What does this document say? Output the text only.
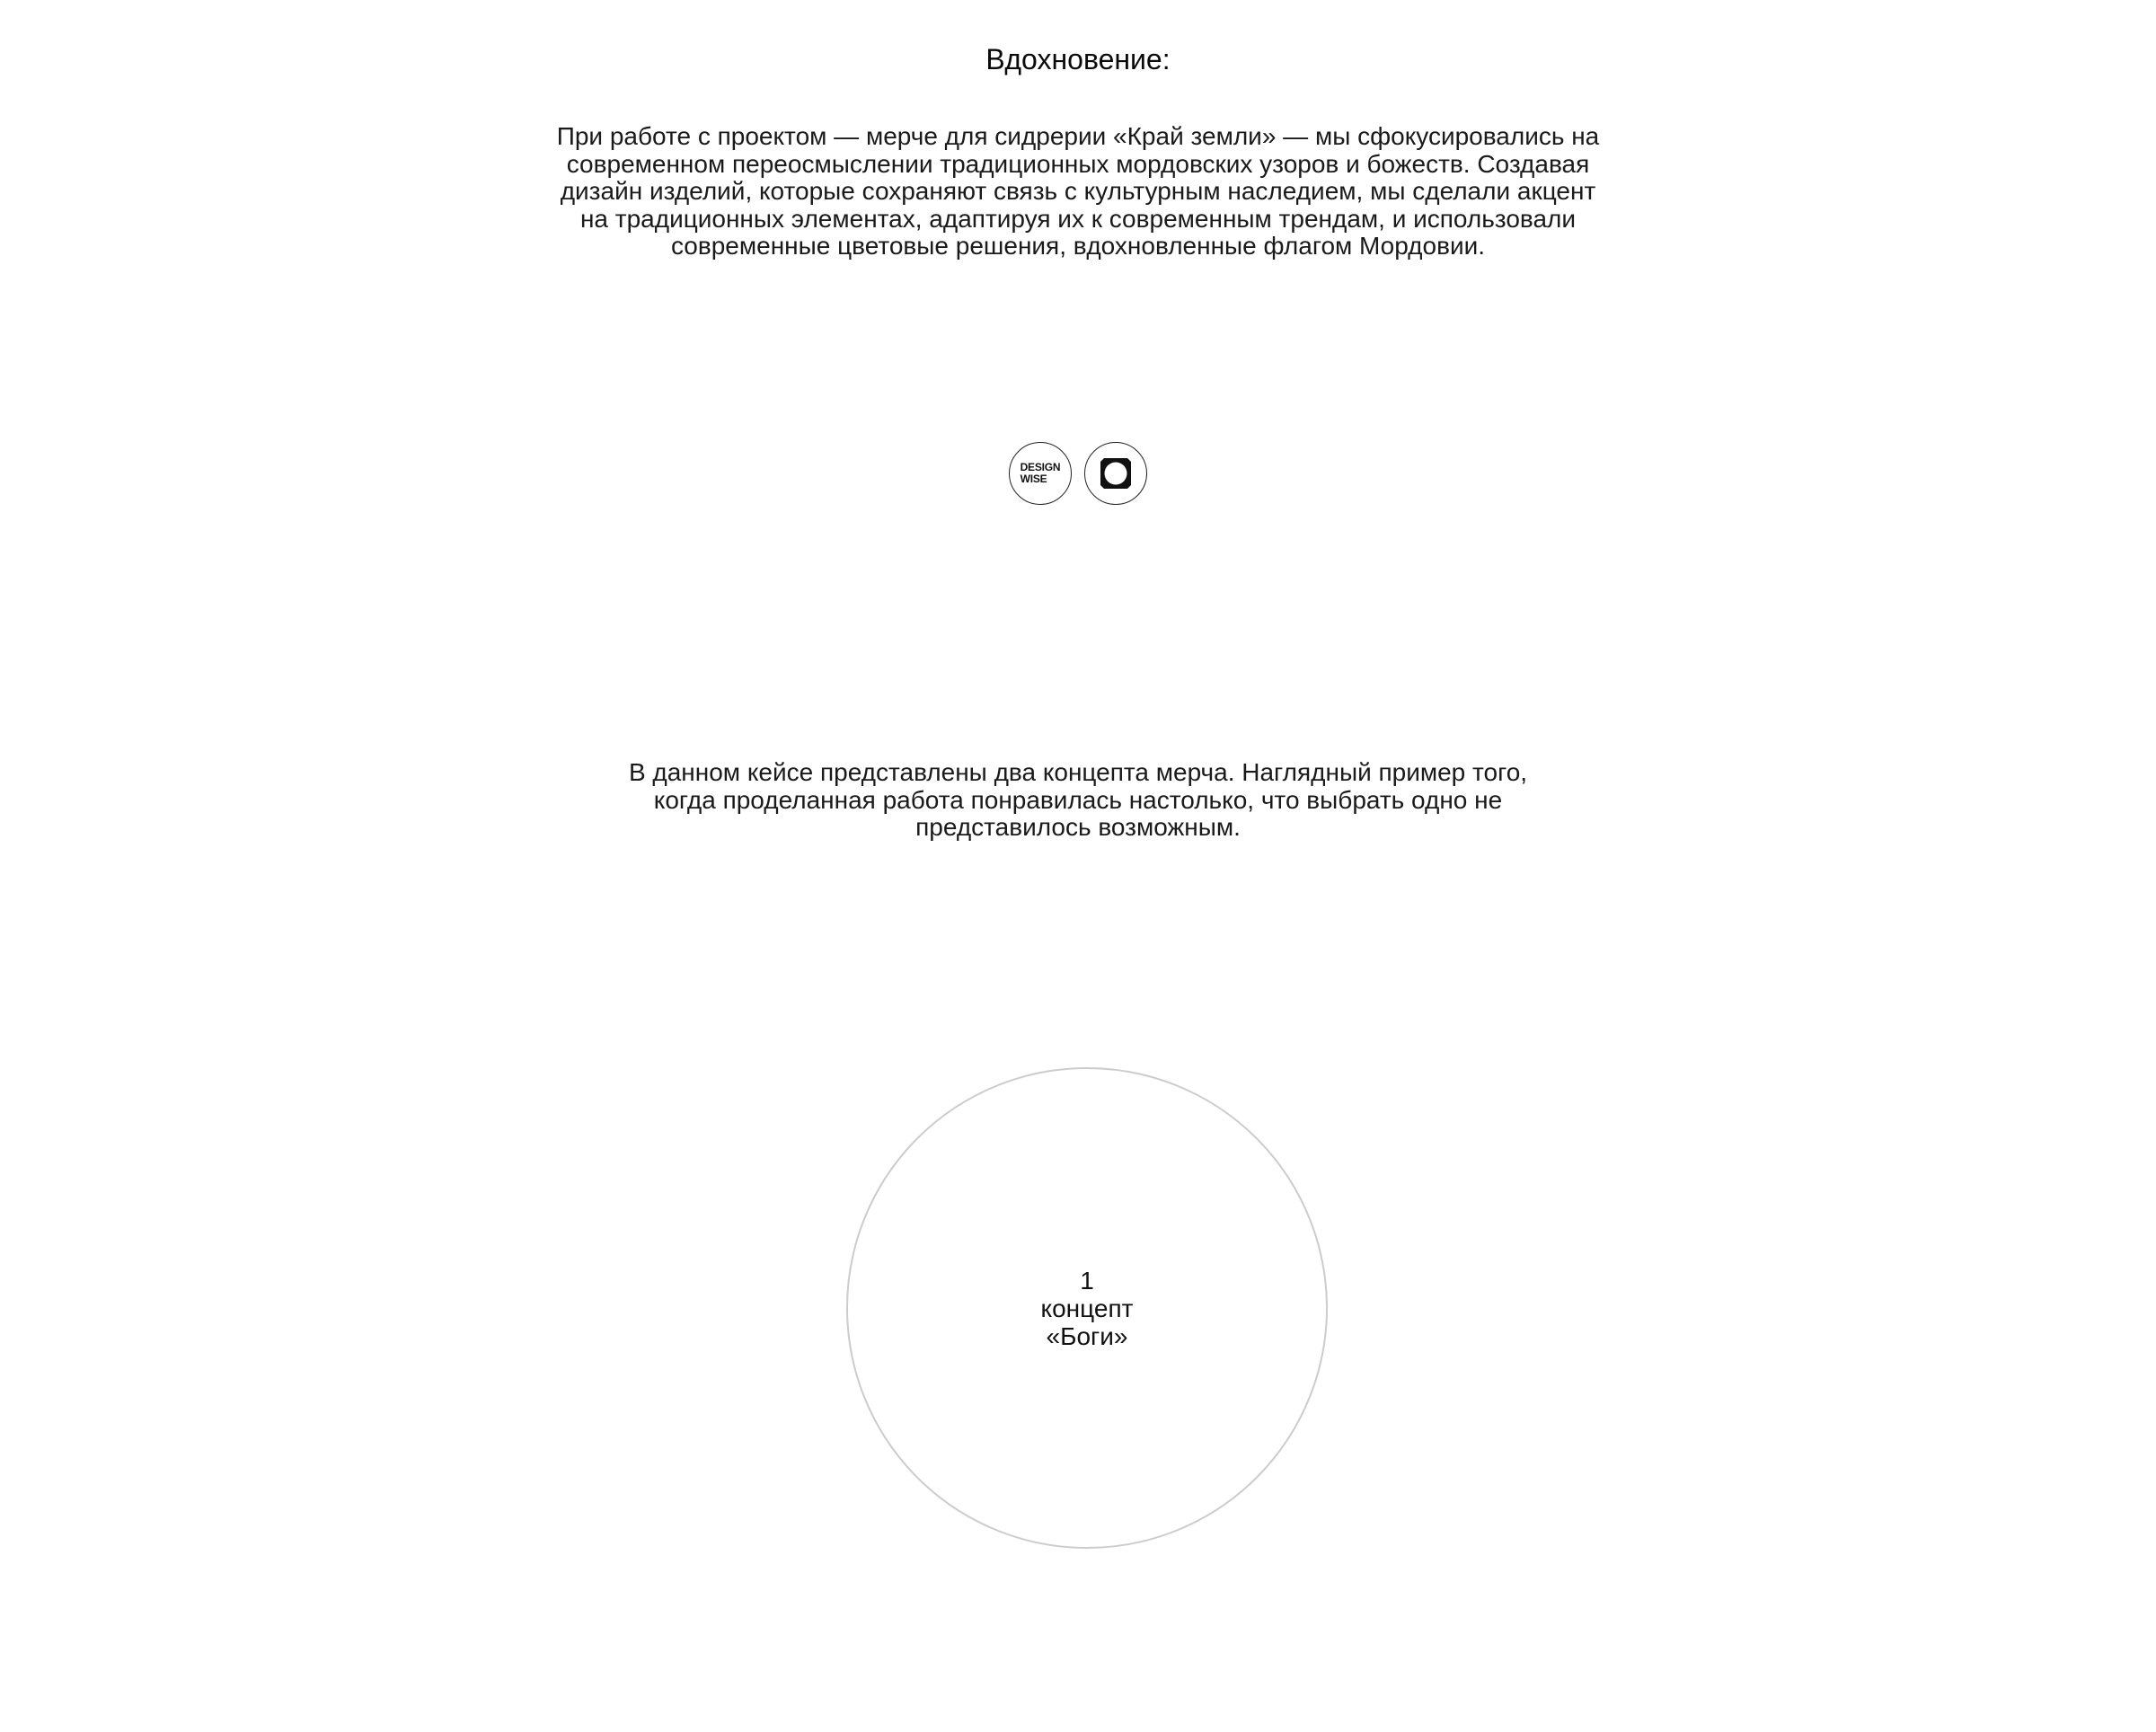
Вдохновение:
При работе с проектом — мерче для сидрерии «Край земли» — мы сфокусировались на
современном переосмыслении традиционных мордовских узоров и божеств. Создавая
дизайн изделий, которые сохраняют связь с культурным наследием, мы сделали акцент
на традиционных элементах, адаптируя их к современным трендам, и использовали
современные цветовые решения, вдохновленные флагом Мордовии.
DESIGN
WISE
В данном кейсе представлены два концепта мерча. Наглядный пример того,
когда проделанная работа понравилась настолько, что выбрать одно не
представилось возможным.
1
концепт
«Боги»
